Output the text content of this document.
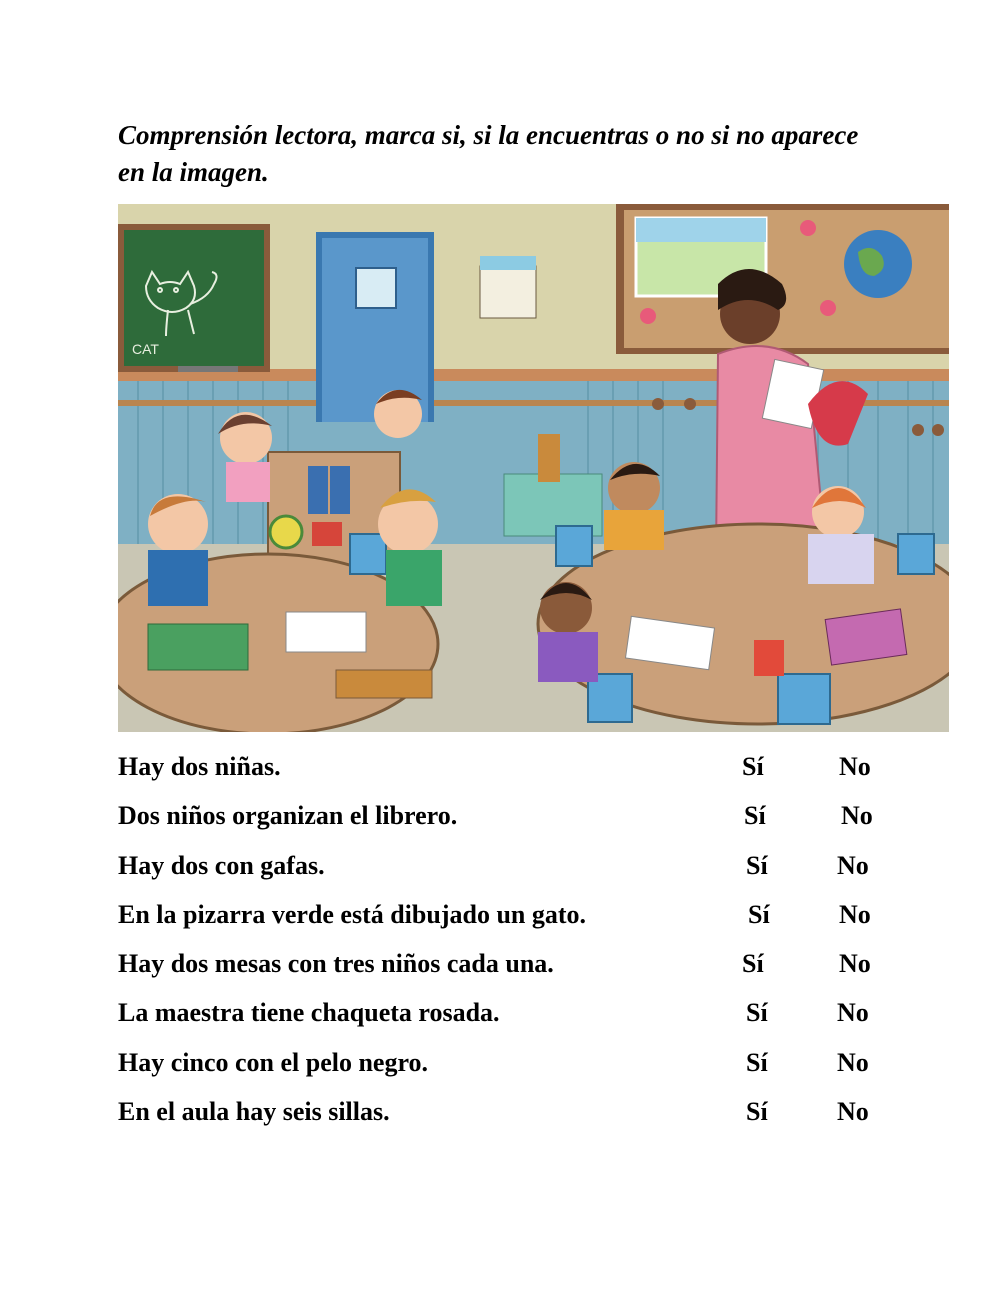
Comprensión lectora, marca si, si la encuentras o no si no aparece en la imagen.

CAT
Hay dos niñas.	Sí	No
Dos niños organizan el librero.	Sí	No
Hay dos con gafas.	Sí	No
En la pizarra verde está dibujado un gato.	Sí	No
Hay dos mesas con tres niños cada una.	Sí	No
La maestra tiene chaqueta rosada.	Sí	No
Hay cinco con el pelo negro.	Sí	No
En el aula hay seis sillas.	Sí	No
